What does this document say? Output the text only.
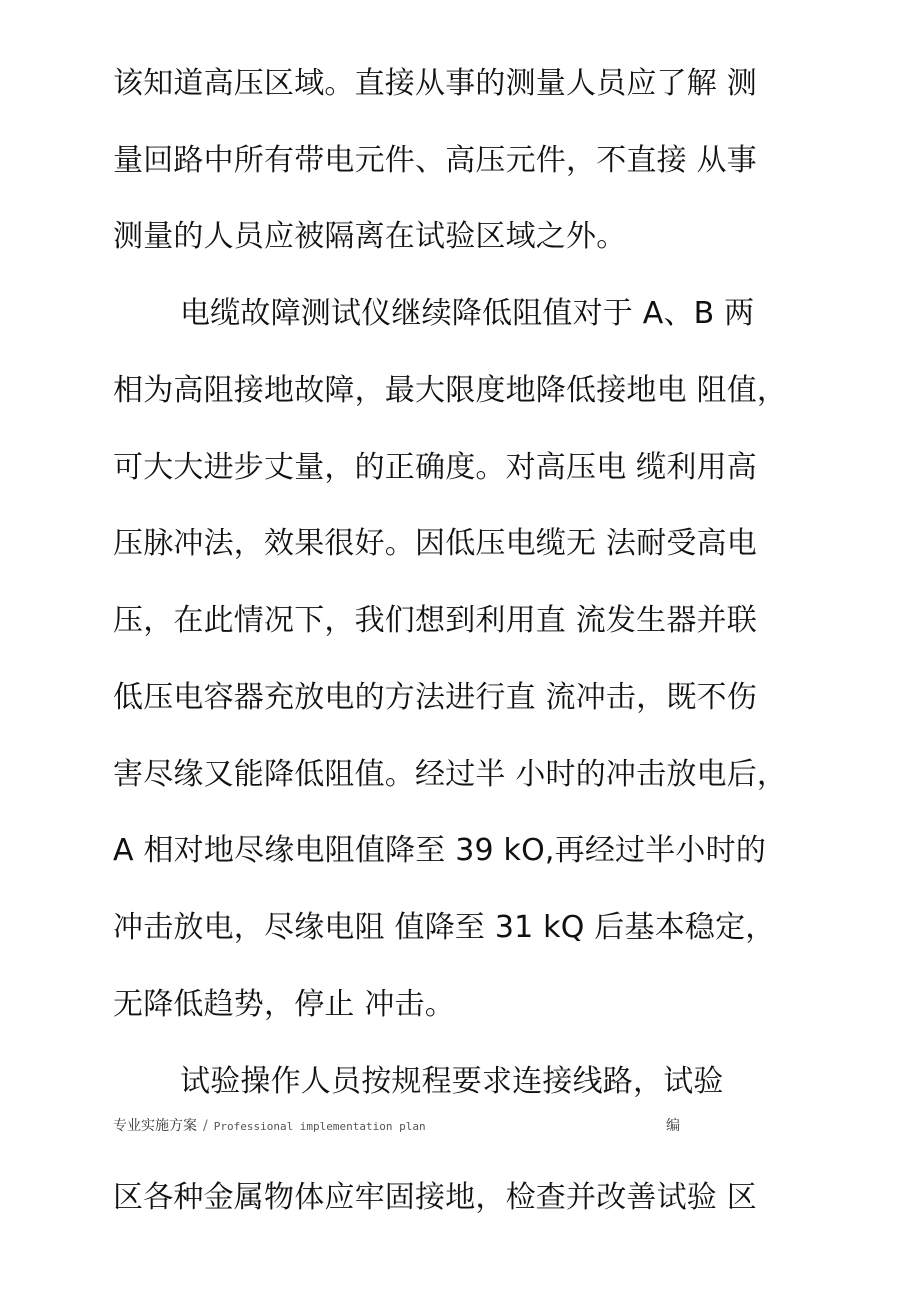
该知道高压区域。直接从事的测量人员应了解 测
量回路中所有带电元件、高压元件，不直接 从事
测量的人员应被隔离在试验区域之外。
电缆故障测试仪继续降低阻值对于 A、B 两
相为高阻接地故障，最大限度地降低接地电 阻值，
可大大进步丈量，的正确度。对高压电 缆利用高
压脉冲法，效果很好。因低压电缆无 法耐受高电
压，在此情况下，我们想到利用直 流发生器并联
低压电容器充放电的方法进行直 流冲击，既不伤
害尽缘又能降低阻值。经过半 小时的冲击放电后，
A 相对地尽缘电阻值降至 39 kO,再经过半小时的
冲击放电，尽缘电阻 值降至 31 kQ 后基本稳定，
无降低趋势，停止 冲击。
试验操作人员按规程要求连接线路，试验
专业实施方案 / Professional implementation plan	编
区各种金属物体应牢固接地，检查并改善试验 区
